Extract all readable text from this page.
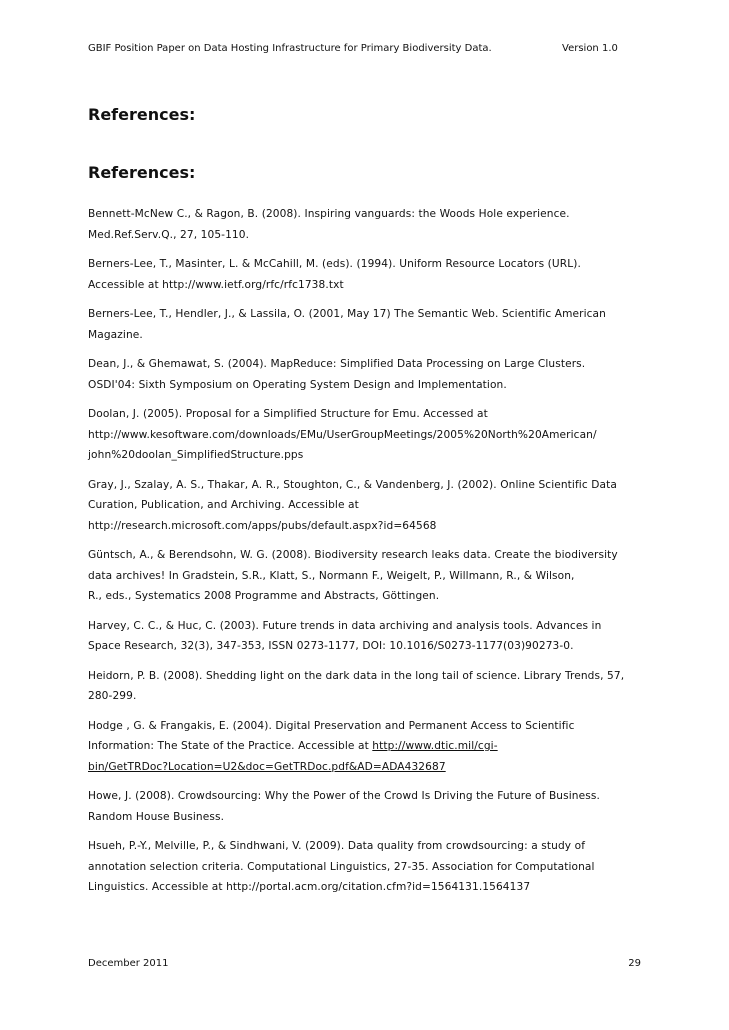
GBIF Position Paper on Data Hosting Infrastructure for Primary Biodiversity Data.	Version 1.0
References:
References:

Bennett-McNew C., & Ragon, B. (2008). Inspiring vanguards: the Woods Hole experience.
Med.Ref.Serv.Q., 27, 105-110.

Berners-Lee, T., Masinter, L. & McCahill, M. (eds). (1994). Uniform Resource Locators (URL).
Accessible at http://www.ietf.org/rfc/rfc1738.txt

Berners-Lee, T., Hendler, J., & Lassila, O. (2001, May 17) The Semantic Web. Scientific American
Magazine.

Dean, J., & Ghemawat, S. (2004). MapReduce: Simplified Data Processing on Large Clusters.
OSDI'04: Sixth Symposium on Operating System Design and Implementation.

Doolan, J. (2005). Proposal for a Simplified Structure for Emu. Accessed at
http://www.kesoftware.com/downloads/EMu/UserGroupMeetings/2005%20North%20American/
john%20doolan_SimplifiedStructure.pps

Gray, J., Szalay, A. S., Thakar, A. R., Stoughton, C., & Vandenberg, J. (2002). Online Scientific Data
Curation, Publication, and Archiving. Accessible at
http://research.microsoft.com/apps/pubs/default.aspx?id=64568

Güntsch, A., & Berendsohn, W. G. (2008). Biodiversity research leaks data. Create the biodiversity
data archives! In Gradstein, S.R., Klatt, S., Normann F., Weigelt, P., Willmann, R., & Wilson,
R., eds., Systematics 2008 Programme and Abstracts, Göttingen.

Harvey, C. C., & Huc, C. (2003). Future trends in data archiving and analysis tools. Advances in
Space Research, 32(3), 347-353, ISSN 0273-1177, DOI: 10.1016/S0273-1177(03)90273-0.

Heidorn, P. B. (2008). Shedding light on the dark data in the long tail of science. Library Trends, 57,
280-299.

Hodge , G. & Frangakis, E. (2004). Digital Preservation and Permanent Access to Scientific
Information: The State of the Practice. Accessible at http://www.dtic.mil/cgi-
bin/GetTRDoc?Location=U2&doc=GetTRDoc.pdf&AD=ADA432687

Howe, J. (2008). Crowdsourcing: Why the Power of the Crowd Is Driving the Future of Business.
Random House Business.

Hsueh, P.-Y., Melville, P., & Sindhwani, V. (2009). Data quality from crowdsourcing: a study of
annotation selection criteria. Computational Linguistics, 27-35. Association for Computational
Linguistics. Accessible at http://portal.acm.org/citation.cfm?id=1564131.1564137

December 2011	29
